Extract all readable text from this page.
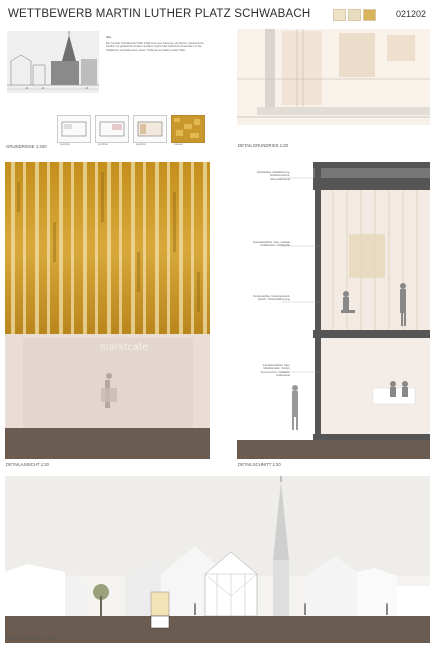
WETTBEWERB MARTIN LUTHER PLATZ SCHWABACH	021202
Idee
Der zentrale Schwabacher Platz erhält eine neue Fassung: ein leichter, transparenter Pavillon mit goldschimmernden Lamellen ergänzt das historische Ensemble um die Stadtkirche und bildet einen neuen Treffpunkt am Martin Luther Platz.
grundriss	grundriss	grundriss	material
GRUNDRISSE 1:200	DETAILGRUNDRISS 1:20
marktcafe
DETAILANSICHT 1:20
Dachaufbau: Metalldeckung, Stahlbetondecke, Wärmedämmung
Fassadenaufbau: Glas, vertikale Goldlamellen, Stahlprofile
Deckenaufbau: Industrieparkett, Estrich, Trittschalldämmung
Fassadenaufbau: Glas, Metalllamellen, Sockel, Sonnenschutz, Gebäude-Außenwand
DETAILSCHNITT 1:20
SCHNITTANSICHT 1:200
